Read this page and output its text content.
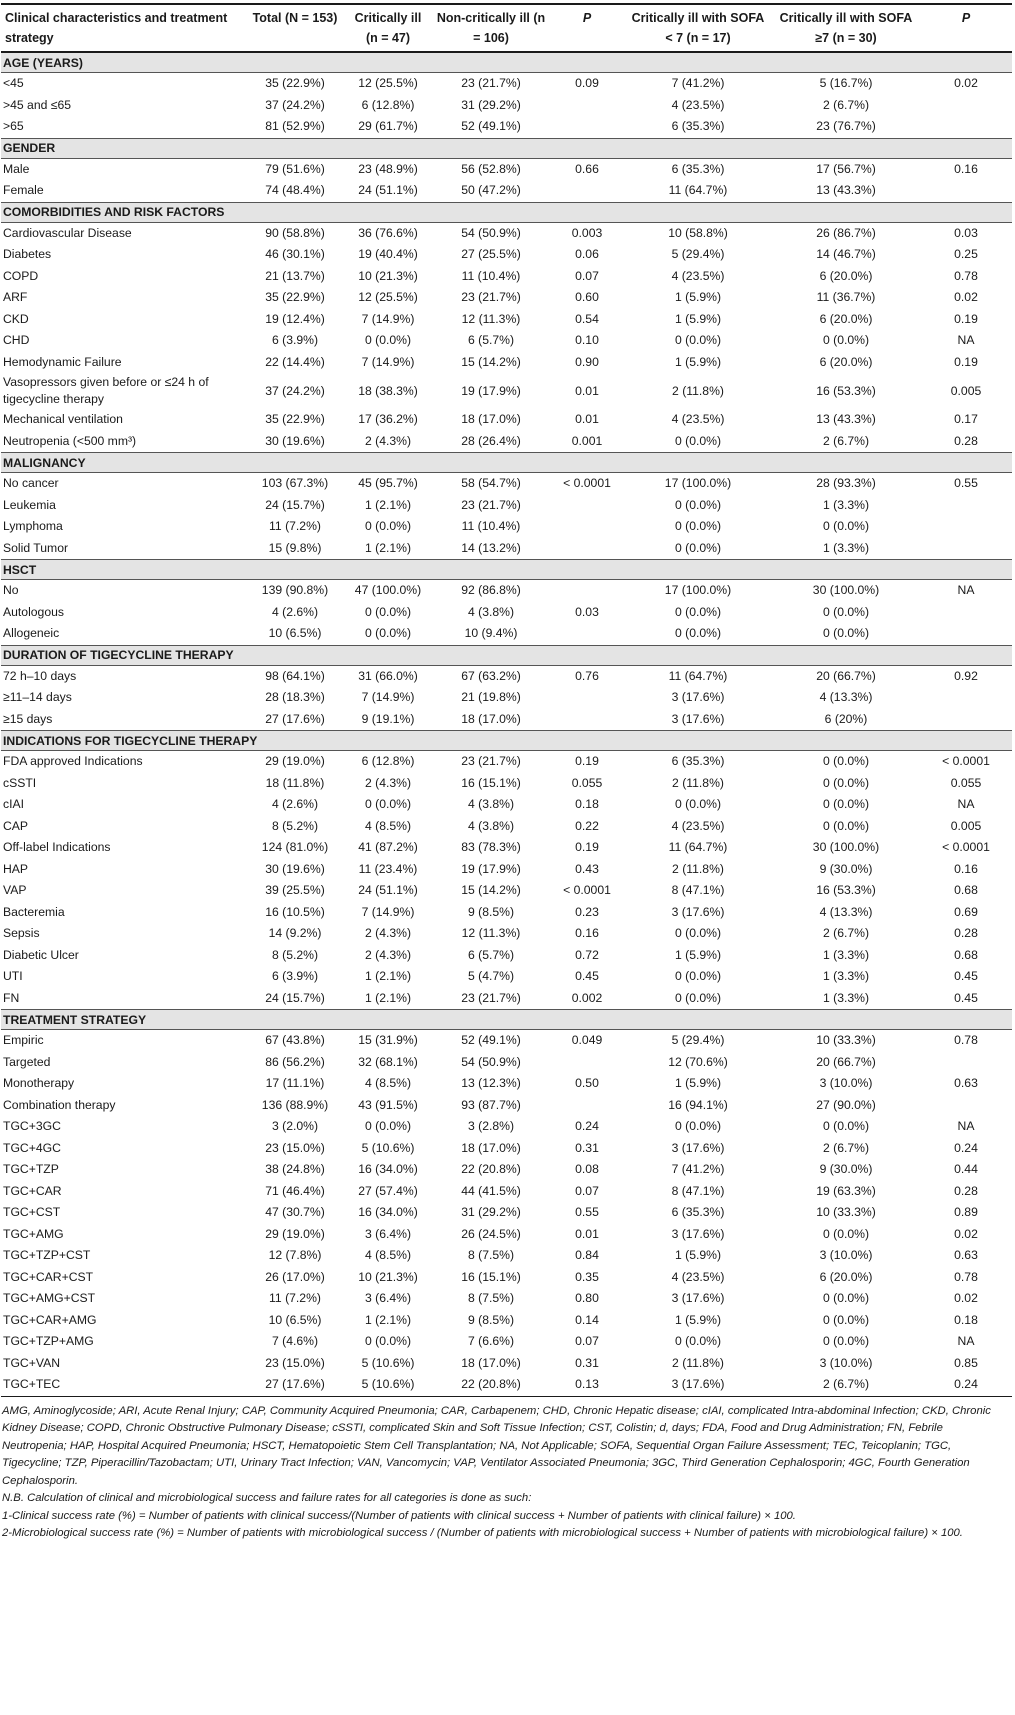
Clinical characteristics and treatment strategy	Total (N = 153)	Critically ill (n = 47)	Non-critically ill (n = 106)	P	Critically ill with SOFA < 7 (n = 17)	Critically ill with SOFA ≥7 (n = 30)	P
AGE (YEARS)							
<45	35 (22.9%)	12 (25.5%)	23 (21.7%)	0.09	7 (41.2%)	5 (16.7%)	0.02
>45 and ≤65	37 (24.2%)	6 (12.8%)	31 (29.2%)		4 (23.5%)	2 (6.7%)	
>65	81 (52.9%)	29 (61.7%)	52 (49.1%)		6 (35.3%)	23 (76.7%)	
GENDER							
Male	79 (51.6%)	23 (48.9%)	56 (52.8%)	0.66	6 (35.3%)	17 (56.7%)	0.16
Female	74 (48.4%)	24 (51.1%)	50 (47.2%)		11 (64.7%)	13 (43.3%)	
COMORBIDITIES AND RISK FACTORS							
Cardiovascular Disease	90 (58.8%)	36 (76.6%)	54 (50.9%)	0.003	10 (58.8%)	26 (86.7%)	0.03
Diabetes	46 (30.1%)	19 (40.4%)	27 (25.5%)	0.06	5 (29.4%)	14 (46.7%)	0.25
COPD	21 (13.7%)	10 (21.3%)	11 (10.4%)	0.07	4 (23.5%)	6 (20.0%)	0.78
ARF	35 (22.9%)	12 (25.5%)	23 (21.7%)	0.60	1 (5.9%)	11 (36.7%)	0.02
CKD	19 (12.4%)	7 (14.9%)	12 (11.3%)	0.54	1 (5.9%)	6 (20.0%)	0.19
CHD	6 (3.9%)	0 (0.0%)	6 (5.7%)	0.10	0 (0.0%)	0 (0.0%)	NA
Hemodynamic Failure	22 (14.4%)	7 (14.9%)	15 (14.2%)	0.90	1 (5.9%)	6 (20.0%)	0.19
Vasopressors given before or ≤24 h of tigecycline therapy	37 (24.2%)	18 (38.3%)	19 (17.9%)	0.01	2 (11.8%)	16 (53.3%)	0.005
Mechanical ventilation	35 (22.9%)	17 (36.2%)	18 (17.0%)	0.01	4 (23.5%)	13 (43.3%)	0.17
Neutropenia (<500 mm³)	30 (19.6%)	2 (4.3%)	28 (26.4%)	0.001	0 (0.0%)	2 (6.7%)	0.28
MALIGNANCY							
No cancer	103 (67.3%)	45 (95.7%)	58 (54.7%)	< 0.0001	17 (100.0%)	28 (93.3%)	0.55
Leukemia	24 (15.7%)	1 (2.1%)	23 (21.7%)		0 (0.0%)	1 (3.3%)	
Lymphoma	11 (7.2%)	0 (0.0%)	11 (10.4%)		0 (0.0%)	0 (0.0%)	
Solid Tumor	15 (9.8%)	1 (2.1%)	14 (13.2%)		0 (0.0%)	1 (3.3%)	
HSCT							
No	139 (90.8%)	47 (100.0%)	92 (86.8%)		17 (100.0%)	30 (100.0%)	NA
Autologous	4 (2.6%)	0 (0.0%)	4 (3.8%)	0.03	0 (0.0%)	0 (0.0%)	
Allogeneic	10 (6.5%)	0 (0.0%)	10 (9.4%)		0 (0.0%)	0 (0.0%)	
DURATION OF TIGECYCLINE THERAPY							
72 h–10 days	98 (64.1%)	31 (66.0%)	67 (63.2%)	0.76	11 (64.7%)	20 (66.7%)	0.92
≥11–14 days	28 (18.3%)	7 (14.9%)	21 (19.8%)		3 (17.6%)	4 (13.3%)	
≥15 days	27 (17.6%)	9 (19.1%)	18 (17.0%)		3 (17.6%)	6 (20%)	
INDICATIONS FOR TIGECYCLINE THERAPY							
FDA approved Indications	29 (19.0%)	6 (12.8%)	23 (21.7%)	0.19	6 (35.3%)	0 (0.0%)	< 0.0001
cSSTI	18 (11.8%)	2 (4.3%)	16 (15.1%)	0.055	2 (11.8%)	0 (0.0%)	0.055
cIAI	4 (2.6%)	0 (0.0%)	4 (3.8%)	0.18	0 (0.0%)	0 (0.0%)	NA
CAP	8 (5.2%)	4 (8.5%)	4 (3.8%)	0.22	4 (23.5%)	0 (0.0%)	0.005
Off-label Indications	124 (81.0%)	41 (87.2%)	83 (78.3%)	0.19	11 (64.7%)	30 (100.0%)	< 0.0001
HAP	30 (19.6%)	11 (23.4%)	19 (17.9%)	0.43	2 (11.8%)	9 (30.0%)	0.16
VAP	39 (25.5%)	24 (51.1%)	15 (14.2%)	< 0.0001	8 (47.1%)	16 (53.3%)	0.68
Bacteremia	16 (10.5%)	7 (14.9%)	9 (8.5%)	0.23	3 (17.6%)	4 (13.3%)	0.69
Sepsis	14 (9.2%)	2 (4.3%)	12 (11.3%)	0.16	0 (0.0%)	2 (6.7%)	0.28
Diabetic Ulcer	8 (5.2%)	2 (4.3%)	6 (5.7%)	0.72	1 (5.9%)	1 (3.3%)	0.68
UTI	6 (3.9%)	1 (2.1%)	5 (4.7%)	0.45	0 (0.0%)	1 (3.3%)	0.45
FN	24 (15.7%)	1 (2.1%)	23 (21.7%)	0.002	0 (0.0%)	1 (3.3%)	0.45
TREATMENT STRATEGY							
Empiric	67 (43.8%)	15 (31.9%)	52 (49.1%)	0.049	5 (29.4%)	10 (33.3%)	0.78
Targeted	86 (56.2%)	32 (68.1%)	54 (50.9%)		12 (70.6%)	20 (66.7%)	
Monotherapy	17 (11.1%)	4 (8.5%)	13 (12.3%)	0.50	1 (5.9%)	3 (10.0%)	0.63
Combination therapy	136 (88.9%)	43 (91.5%)	93 (87.7%)		16 (94.1%)	27 (90.0%)	
TGC+3GC	3 (2.0%)	0 (0.0%)	3 (2.8%)	0.24	0 (0.0%)	0 (0.0%)	NA
TGC+4GC	23 (15.0%)	5 (10.6%)	18 (17.0%)	0.31	3 (17.6%)	2 (6.7%)	0.24
TGC+TZP	38 (24.8%)	16 (34.0%)	22 (20.8%)	0.08	7 (41.2%)	9 (30.0%)	0.44
TGC+CAR	71 (46.4%)	27 (57.4%)	44 (41.5%)	0.07	8 (47.1%)	19 (63.3%)	0.28
TGC+CST	47 (30.7%)	16 (34.0%)	31 (29.2%)	0.55	6 (35.3%)	10 (33.3%)	0.89
TGC+AMG	29 (19.0%)	3 (6.4%)	26 (24.5%)	0.01	3 (17.6%)	0 (0.0%)	0.02
TGC+TZP+CST	12 (7.8%)	4 (8.5%)	8 (7.5%)	0.84	1 (5.9%)	3 (10.0%)	0.63
TGC+CAR+CST	26 (17.0%)	10 (21.3%)	16 (15.1%)	0.35	4 (23.5%)	6 (20.0%)	0.78
TGC+AMG+CST	11 (7.2%)	3 (6.4%)	8 (7.5%)	0.80	3 (17.6%)	0 (0.0%)	0.02
TGC+CAR+AMG	10 (6.5%)	1 (2.1%)	9 (8.5%)	0.14	1 (5.9%)	0 (0.0%)	0.18
TGC+TZP+AMG	7 (4.6%)	0 (0.0%)	7 (6.6%)	0.07	0 (0.0%)	0 (0.0%)	NA
TGC+VAN	23 (15.0%)	5 (10.6%)	18 (17.0%)	0.31	2 (11.8%)	3 (10.0%)	0.85
TGC+TEC	27 (17.6%)	5 (10.6%)	22 (20.8%)	0.13	3 (17.6%)	2 (6.7%)	0.24

AMG, Aminoglycoside; ARI, Acute Renal Injury; CAP, Community Acquired Pneumonia; CAR, Carbapenem; CHD, Chronic Hepatic disease; cIAI, complicated Intra-abdominal Infection; CKD, Chronic Kidney Disease; COPD, Chronic Obstructive Pulmonary Disease; cSSTI, complicated Skin and Soft Tissue Infection; CST, Colistin; d, days; FDA, Food and Drug Administration; FN, Febrile Neutropenia; HAP, Hospital Acquired Pneumonia; HSCT, Hematopoietic Stem Cell Transplantation; NA, Not Applicable; SOFA, Sequential Organ Failure Assessment; TEC, Teicoplanin; TGC, Tigecycline; TZP, Piperacillin/Tazobactam; UTI, Urinary Tract Infection; VAN, Vancomycin; VAP, Ventilator Associated Pneumonia; 3GC, Third Generation Cephalosporin; 4GC, Fourth Generation Cephalosporin.

N.B. Calculation of clinical and microbiological success and failure rates for all categories is done as such:

1-Clinical success rate (%) = Number of patients with clinical success/(Number of patients with clinical success + Number of patients with clinical failure) × 100.

2-Microbiological success rate (%) = Number of patients with microbiological success / (Number of patients with microbiological success + Number of patients with microbiological failure) × 100.
